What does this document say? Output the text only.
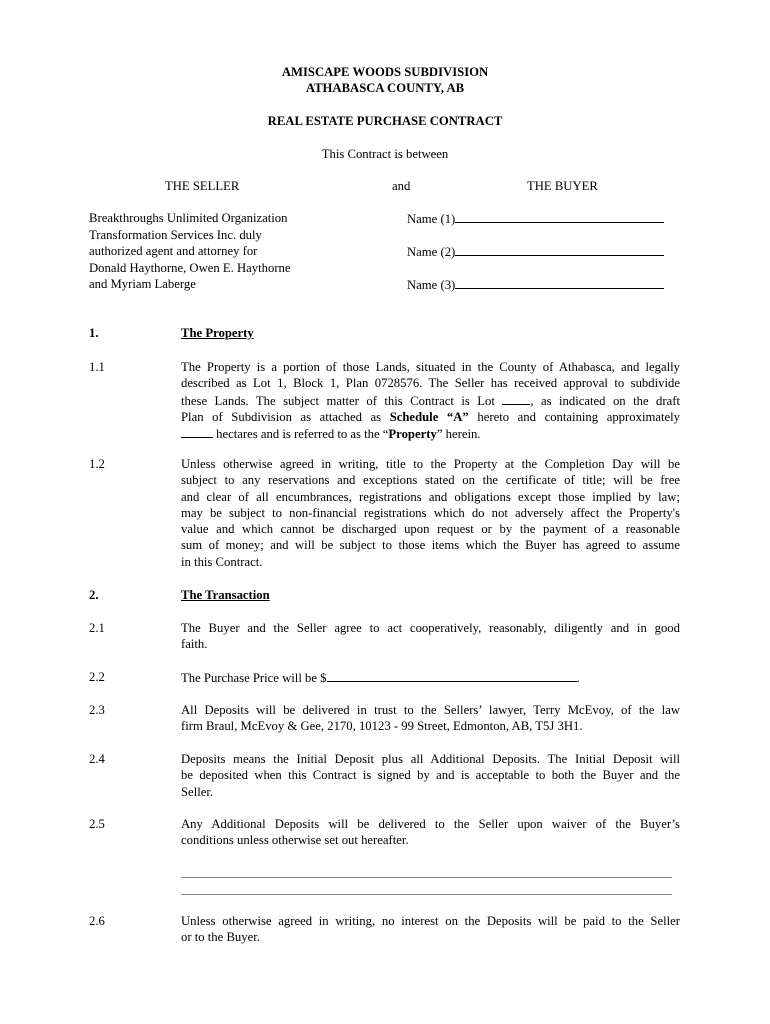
AMISCAPE WOODS SUBDIVISION
ATHABASCA COUNTY, AB
REAL ESTATE PURCHASE CONTRACT
This Contract is between
THE SELLER	and	THE BUYER
Breakthroughs Unlimited Organization
Transformation Services Inc. duly
authorized agent and attorney for
Donald Haythorne, Owen E. Haythorne
and Myriam Laberge
Name (1)
Name (2)
Name (3)
1.	The Property
1.1	The Property is a portion of those Lands, situated in the County of Athabasca, and legally
described as Lot 1, Block 1, Plan 0728576. The Seller has received approval to subdivide
these Lands. The subject matter of this Contract is Lot , as indicated on the draft
Plan of Subdivision as attached as Schedule “A” hereto and containing approximately
hectares and is referred to as the “Property” herein.
1.2	Unless otherwise agreed in writing, title to the Property at the Completion Day will be
subject to any reservations and exceptions stated on the certificate of title; will be free
and clear of all encumbrances, registrations and obligations except those implied by law;
may be subject to non-financial registrations which do not adversely affect the Property's
value and which cannot be discharged upon request or by the payment of a reasonable
sum of money; and will be subject to those items which the Buyer has agreed to assume
in this Contract.
2.	The Transaction
2.1	The Buyer and the Seller agree to act cooperatively, reasonably, diligently and in good
faith.
2.2	The Purchase Price will be $	.
2.3	All Deposits will be delivered in trust to the Sellers’ lawyer, Terry McEvoy, of the law
firm Braul, McEvoy & Gee, 2170, 10123 - 99 Street, Edmonton, AB, T5J 3H1.
2.4	Deposits means the Initial Deposit plus all Additional Deposits. The Initial Deposit will
be deposited when this Contract is signed by and is acceptable to both the Buyer and the
Seller.
2.5	Any Additional Deposits will be delivered to the Seller upon waiver of the Buyer’s
conditions unless otherwise set out hereafter.
2.6	Unless otherwise agreed in writing, no interest on the Deposits will be paid to the Seller
or to the Buyer.
